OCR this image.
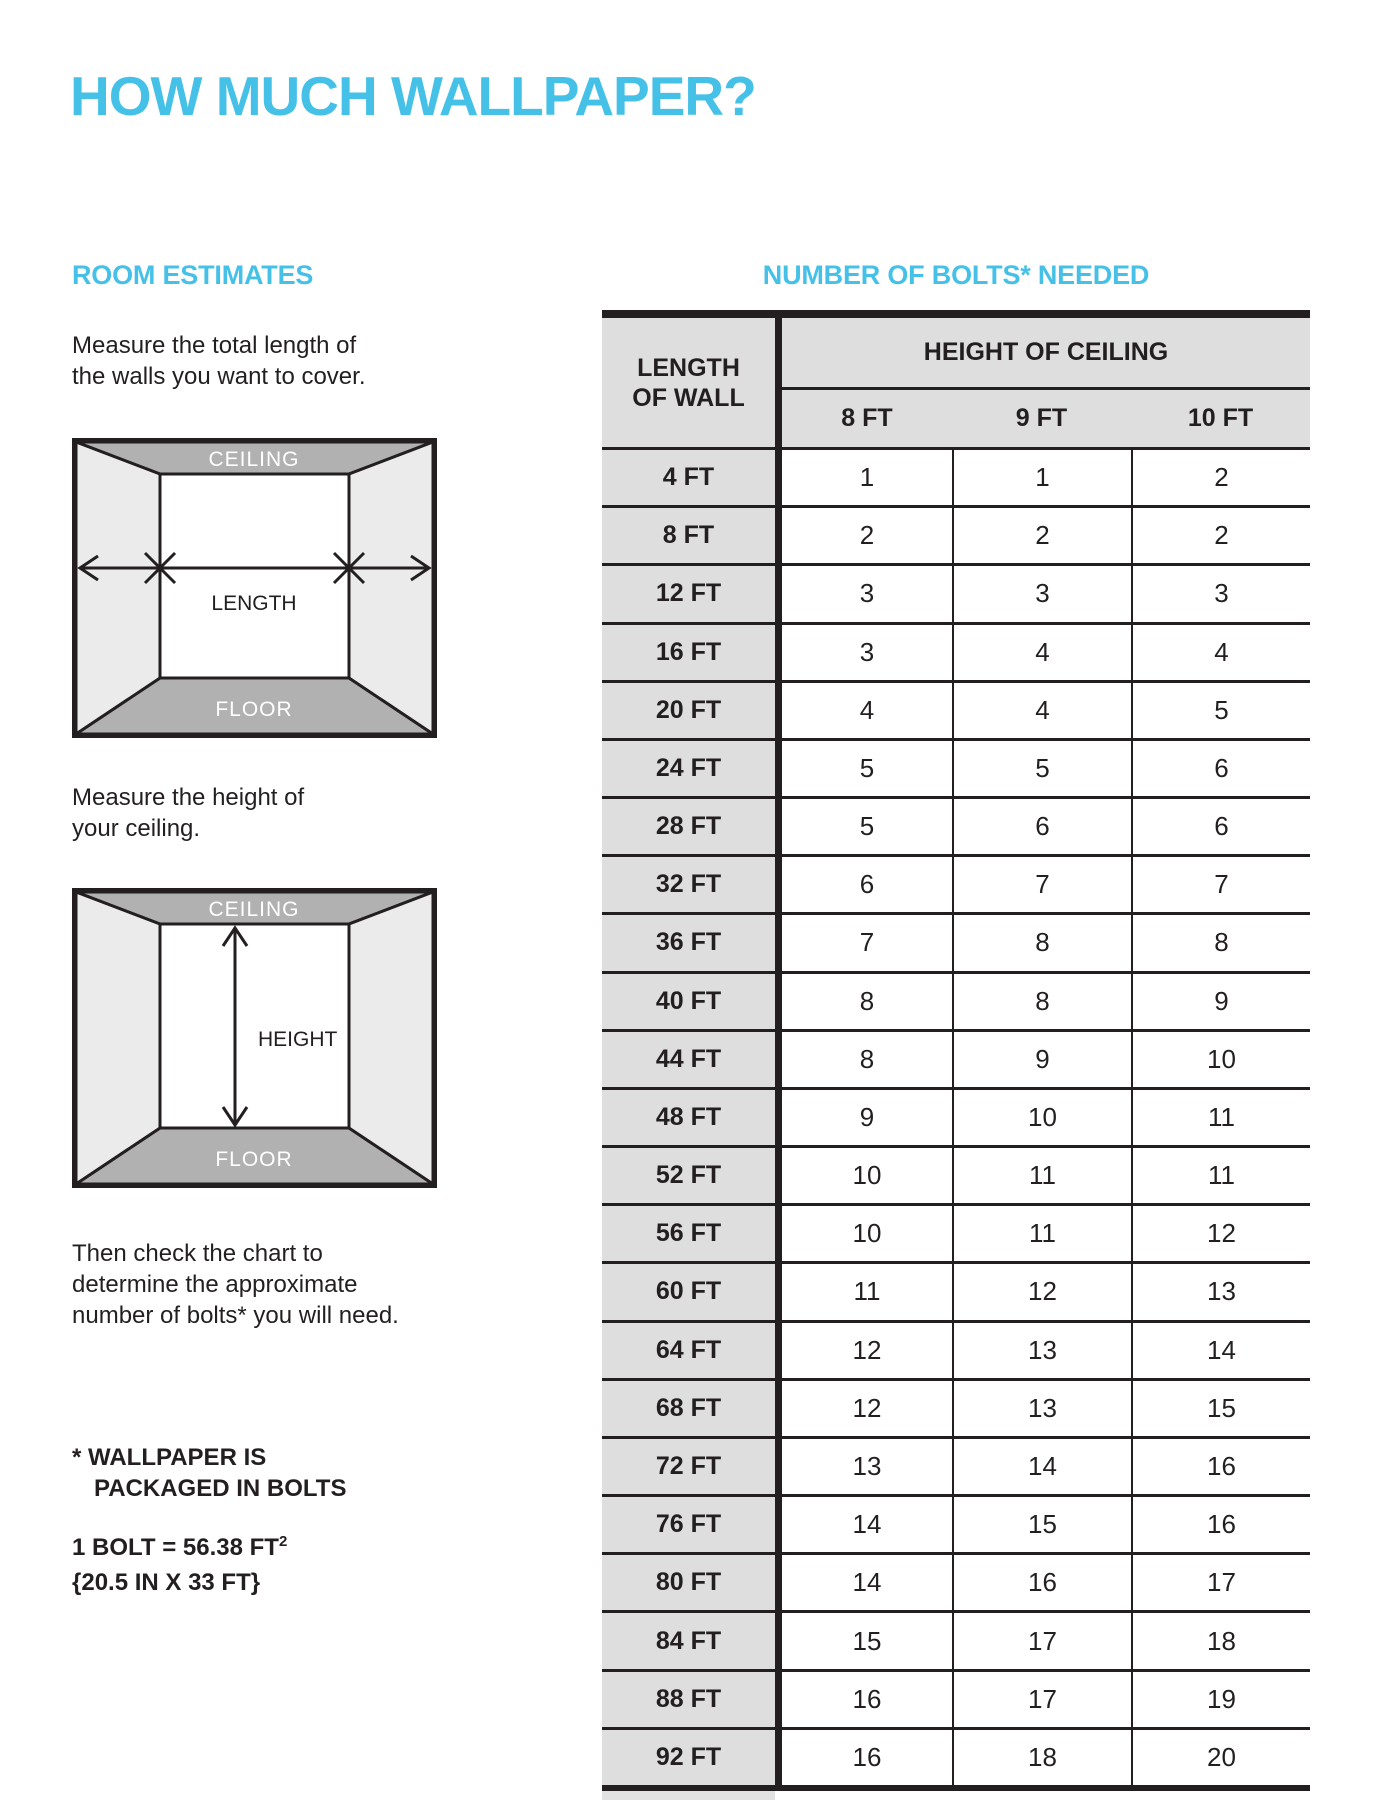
HOW MUCH WALLPAPER?
ROOM ESTIMATES	NUMBER OF BOLTS* NEEDED
Measure the total length of
the walls you want to cover.
CEILING
FLOOR
LENGTH
Measure the height of
your ceiling.
CEILING
FLOOR
HEIGHT
Then check the chart to
determine the approximate
number of bolts* you will need.
* WALLPAPER IS
PACKAGED IN BOLTS
1 BOLT = 56.38 $FT^2$
{20.5 IN X 33 FT}
LENGTH
OF WALL
HEIGHT OF CEILING
8 FT	9 FT	10 FT
4 FT	1	1	2
8 FT	2	2	2
12 FT	3	3	3
16 FT	3	4	4
20 FT	4	4	5
24 FT	5	5	6
28 FT	5	6	6
32 FT	6	7	7
36 FT	7	8	8
40 FT	8	8	9
44 FT	8	9	10
48 FT	9	10	11
52 FT	10	11	11
56 FT	10	11	12
60 FT	11	12	13
64 FT	12	13	14
68 FT	12	13	15
72 FT	13	14	16
76 FT	14	15	16
80 FT	14	16	17
84 FT	15	17	18
88 FT	16	17	19
92 FT	16	18	20
